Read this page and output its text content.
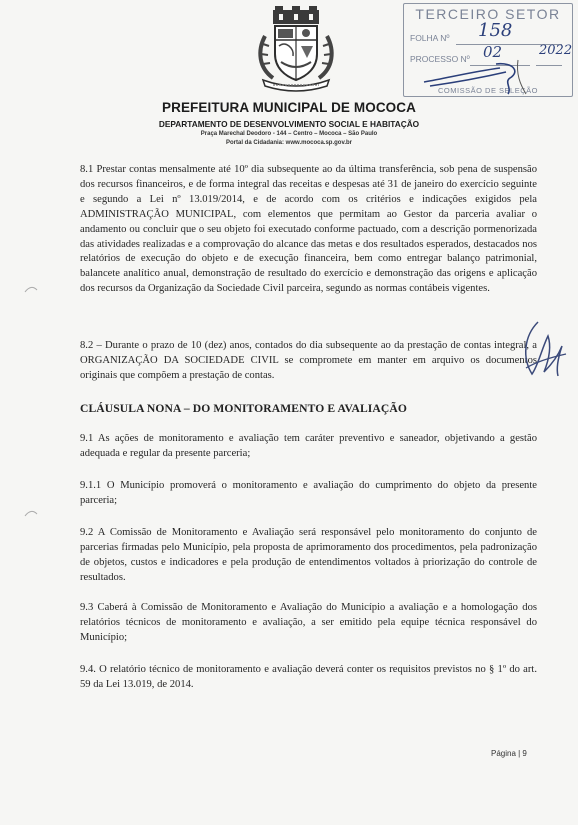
PREFEITURA MUNICIPAL DE MOCOCA
DEPARTAMENTO DE DESENVOLVIMENTO SOCIAL E HABITAÇÃO
Praça Marechal Deodoro - 144 – Centro – Mococa – São Paulo
Portal da Cidadania: www.mococa.sp.gov.br
TERCEIRO SETOR
FOLHA Nº
PROCESSO Nº
COMISSÃO DE SELEÇÃO
158
02	2022
8.1 Prestar contas mensalmente até 10º dia subsequente ao da última transferência, sob pena de suspensão dos recursos financeiros, e de forma integral das receitas e despesas até 31 de janeiro do exercício seguinte e segundo a Lei nº 13.019/2014, e de acordo com os critérios e indicações exigidos pela ADMINISTRAÇÃO MUNICIPAL, com elementos que permitam ao Gestor da parceria avaliar o andamento ou concluir que o seu objeto foi executado conforme pactuado, com a descrição pormenorizada das atividades realizadas e a comprovação do alcance das metas e dos resultados esperados, destacados nos relatórios de execução do objeto e de execução financeira, bem como entregar balanço patrimonial, balancete analítico anual, demonstração de resultado do exercício e demonstração das origens e aplicação dos recursos da Organização da Sociedade Civil parceira, segundo as normas contábeis vigentes.
8.2 – Durante o prazo de 10 (dez) anos, contados do dia subsequente ao da prestação de contas integral, a ORGANIZAÇÃO DA SOCIEDADE CIVIL se compromete em manter em arquivo os documentos originais que compõem a prestação de contas.
CLÁUSULA NONA – DO MONITORAMENTO E AVALIAÇÃO
9.1 As ações de monitoramento e avaliação tem caráter preventivo e saneador, objetivando a gestão adequada e regular da presente parceria;
9.1.1 O Município promoverá o monitoramento e avaliação do cumprimento do objeto da presente parceria;
9.2 A Comissão de Monitoramento e Avaliação será responsável pelo monitoramento do conjunto de parcerias firmadas pelo Município, pela proposta de aprimoramento dos procedimentos, pela padronização de objetos, custos e indicadores e pela produção de entendimentos voltados à priorização do controle de resultados.
9.3 Caberá à Comissão de Monitoramento e Avaliação do Município a avaliação e a homologação dos relatórios técnicos de monitoramento e avaliação, a ser emitido pela equipe técnica responsável do Município;
9.4. O relatório técnico de monitoramento e avaliação deverá conter os requisitos previstos no § 1º do art. 59 da Lei 13.019, de 2014.
Página | 9
